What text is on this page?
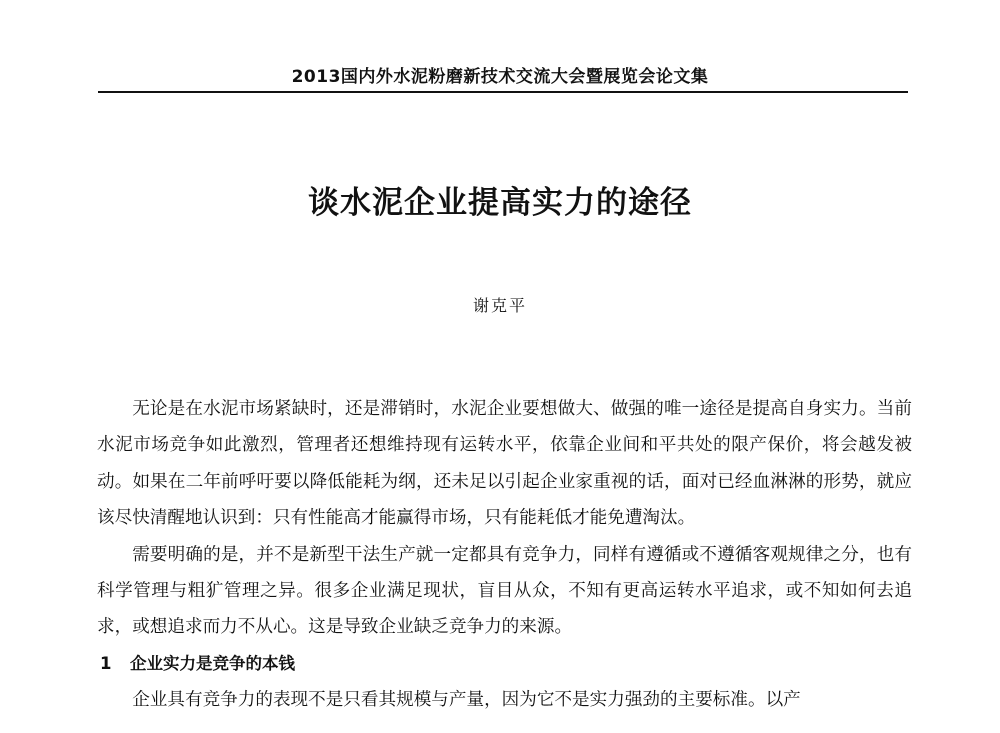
2013国内外水泥粉磨新技术交流大会暨展览会论文集
谈水泥企业提高实力的途径
谢克平

无论是在水泥市场紧缺时，还是滞销时，水泥企业要想做大、做强的唯一途径是提高自身实力。当前水泥市场竞争如此激烈，管理者还想维持现有运转水平，依靠企业间和平共处的限产保价，将会越发被动。如果在二年前呼吁要以降低能耗为纲，还未足以引起企业家重视的话，面对已经血淋淋的形势，就应该尽快清醒地认识到：只有性能高才能赢得市场，只有能耗低才能免遭淘汰。

需要明确的是，并不是新型干法生产就一定都具有竞争力，同样有遵循或不遵循客观规律之分，也有科学管理与粗犷管理之异。很多企业满足现状，盲目从众，不知有更高运转水平追求，或不知如何去追求，或想追求而力不从心。这是导致企业缺乏竞争力的来源。

1 企业实力是竞争的本钱

企业具有竞争力的表现不是只看其规模与产量，因为它不是实力强劲的主要标准。以产
